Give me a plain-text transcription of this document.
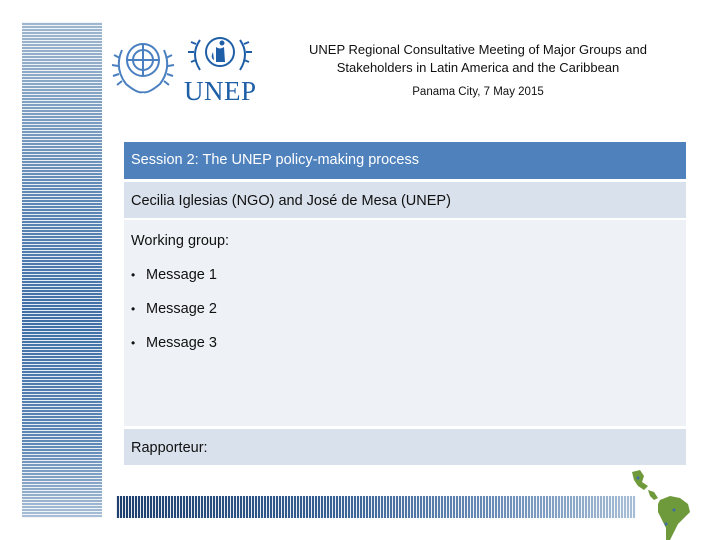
UNEP
UNEP Regional Consultative Meeting of Major Groups and
Stakeholders in Latin America and the Caribbean
Panama City, 7 May 2015
Session 2: The UNEP policy-making process
Cecilia Iglesias (NGO) and José de Mesa (UNEP)
Working group:
• Message 1
• Message 2
• Message 3
Rapporteur:
